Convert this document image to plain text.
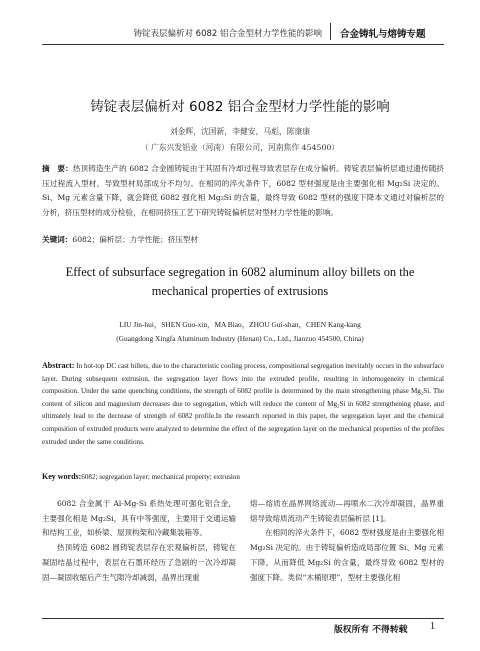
铸锭表层偏析对 6082 铝合金型材力学性能的影响 合金铸轧与熔铸专题
铸锭表层偏析对 6082 铝合金型材力学性能的影响
刘金辉，沈国新，李健安，马彪，陈康康
（ 广东兴发铝业（河南）有限公司，河南焦作 454500）
摘　要：热顶铸造生产的 6082 合金圆铸锭由于其固有冷却过程导致表层存在成分偏析。铸锭表层偏析层通过遗传随挤压过程流入型材，导致型材局部成分不均匀。在相同的淬火条件下，6082 型材强度是由主要强化相 Mg₂Si 决定的。Si、Mg 元素含量下降，就会降低 6082 强化相 Mg₂Si 的含量，最终导致 6082 型材的强度下降本文通过对偏析层的分析，挤压型材的成分检验，在相同挤压工艺下研究铸锭偏析层对型材力学性能的影响。
关键词：6082；偏析层；力学性能；挤压型材
Effect of subsurface segregation in 6082 aluminum alloy billets on the mechanical properties of extrusions
LIU Jin-hui，SHEN Guo-xin，MA Biao，ZHOU Gui-shan，CHEN Kang-kang
(Guangdong Xingfa Aluminum Industry (Henan) Co., Ltd., Jiaozuo 454500, China)
Abstract: In hot-top DC cast billets, due to the characteristic cooling process, compositional segregation inevitably occurs in the subsurface layer. During subsequent extrusion, the segregation layer flows into the extruded profile, resulting in inhomogeneity in chemical composition. Under the same quenching conditions, the strength of 6082 profile is determined by the main strengthening phase Mg₂Si. The content of silicon and magnesium decreases due to segregation, which will reduce the content of Mg₂Si in 6082 strengthening phase, and ultimately lead to the decrease of strength of 6082 profile.In the research reported in this paper, the segregation layer and the chemical composition of extruded products were analyzed to determine the effect of the segregation layer on the mechanical properties of the profiles extruded under the same conditions.
Key words:6082; segregation layer; mechanical property; extrusion

6082 合金属于 Al-Mg-Si 系热处理可强化铝合金，主要强化相是 Mg₂Si，具有中等强度，主要用于交通运输和结构工业，如桥梁、屋顶构架和冷藏集装箱等。

热顶铸造 6082 圆铸锭表层存在宏观偏析层，铸锭在凝固结晶过程中，表层在石墨环经历了急剧的一次冷却凝固—凝固收缩后产生气隙冷却减弱，晶界出现重

熔—熔质在晶界网络流动—再喷水二次冷却凝固，晶界重熔导致熔质流动产生铸锭表层偏析层 [1]。

在相同的淬火条件下，6082 型材强度是由主要强化相 Mg₂Si 决定的。由于铸锭偏析造成局部位置 Si、Mg 元素下降，从而降低 Mg₂Si 的含量，最终导致 6082 型材的强度下降。类似“木桶原理”，型材主要强化相

版权所有 不得转载 1
